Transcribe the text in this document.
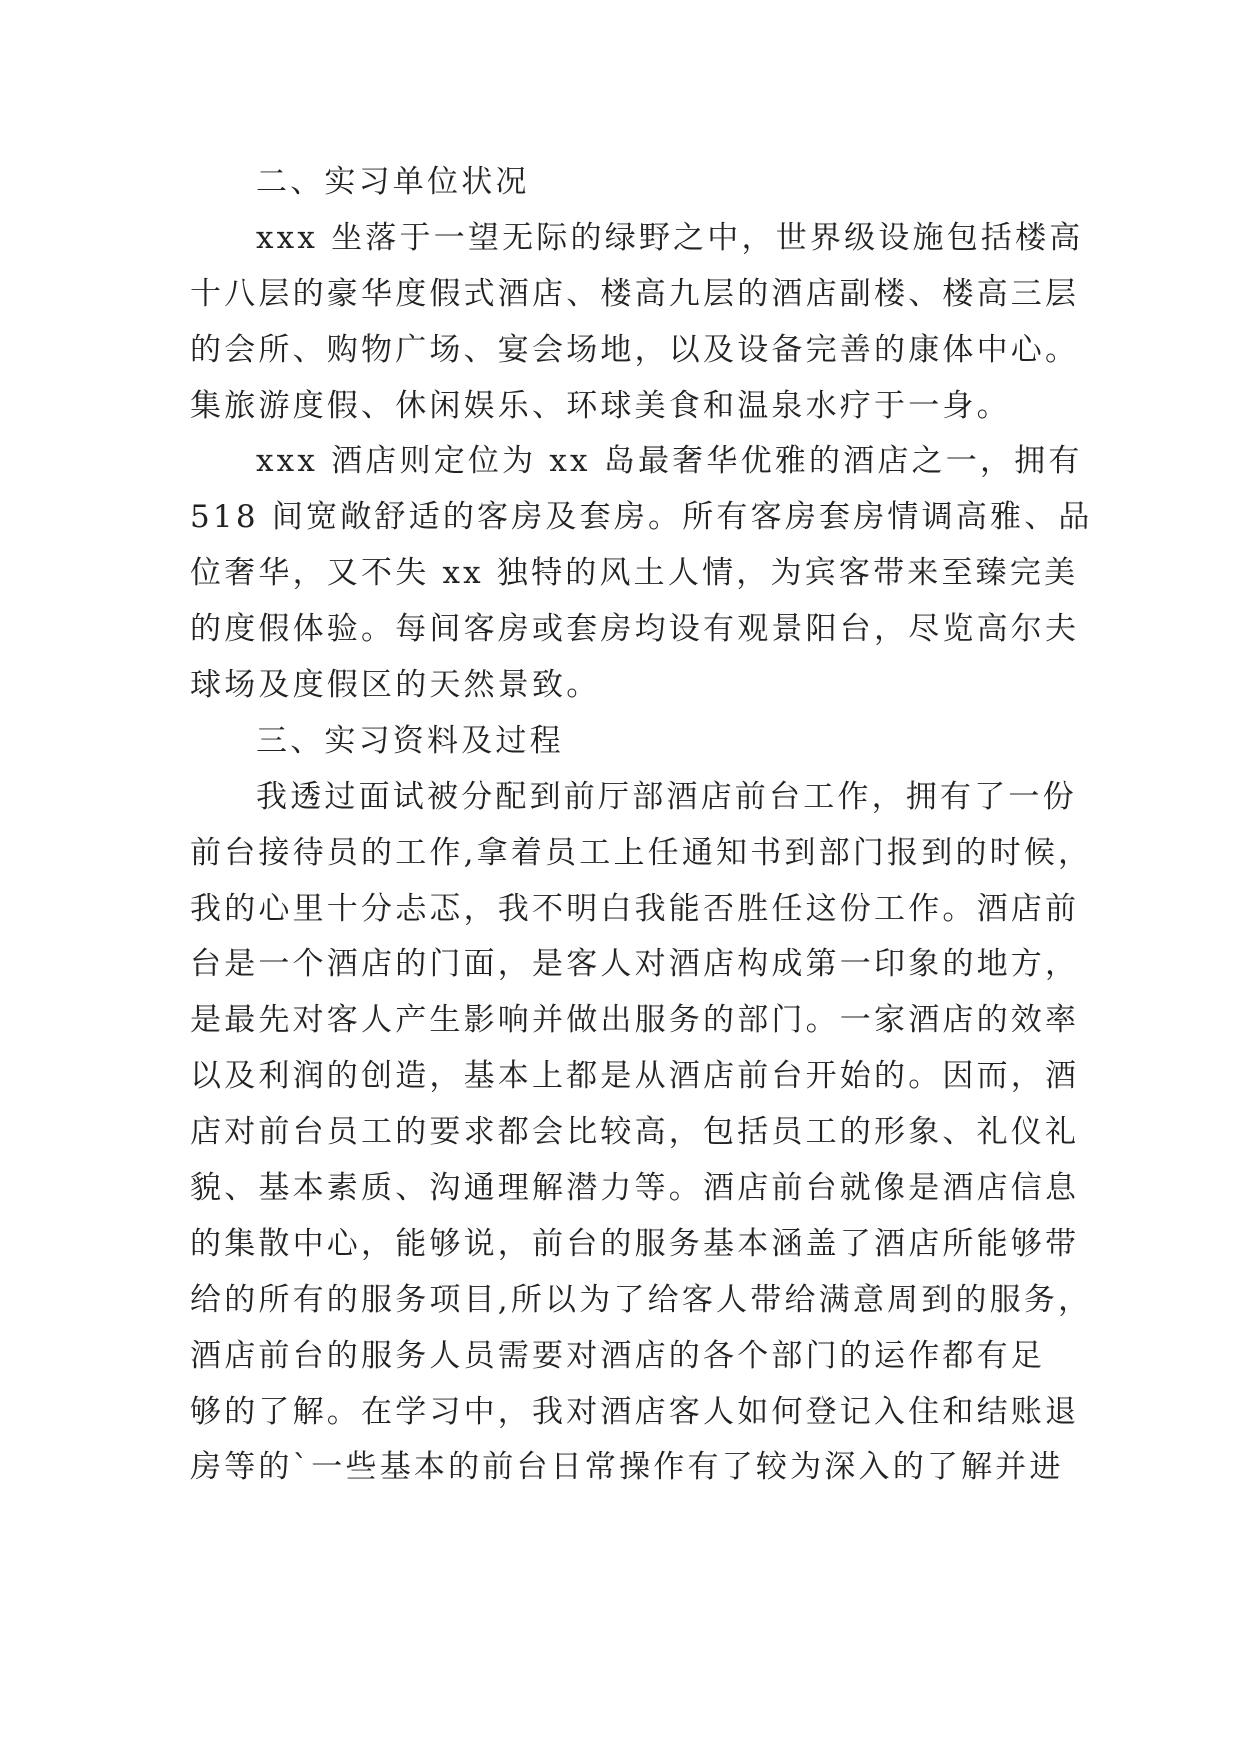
二、实习单位状况
xxx 坐落于一望无际的绿野之中，世界级设施包括楼高
十八层的豪华度假式酒店、楼高九层的酒店副楼、楼高三层
的会所、购物广场、宴会场地，以及设备完善的康体中心。
集旅游度假、休闲娱乐、环球美食和温泉水疗于一身。
xxx 酒店则定位为 xx 岛最奢华优雅的酒店之一，拥有
518 间宽敞舒适的客房及套房。所有客房套房情调高雅、品
位奢华，又不失 xx 独特的风土人情，为宾客带来至臻完美
的度假体验。每间客房或套房均设有观景阳台，尽览高尔夫
球场及度假区的天然景致。
三、实习资料及过程
我透过面试被分配到前厅部酒店前台工作，拥有了一份
前台接待员的工作,拿着员工上任通知书到部门报到的时候，
我的心里十分忐忑，我不明白我能否胜任这份工作。酒店前
台是一个酒店的门面，是客人对酒店构成第一印象的地方，
是最先对客人产生影响并做出服务的部门。一家酒店的效率
以及利润的创造，基本上都是从酒店前台开始的。因而，酒
店对前台员工的要求都会比较高，包括员工的形象、礼仪礼
貌、基本素质、沟通理解潜力等。酒店前台就像是酒店信息
的集散中心，能够说，前台的服务基本涵盖了酒店所能够带
给的所有的服务项目,所以为了给客人带给满意周到的服务，
酒店前台的服务人员需要对酒店的各个部门的运作都有足
够的了解。在学习中，我对酒店客人如何登记入住和结账退
房等的`一些基本的前台日常操作有了较为深入的了解并进
